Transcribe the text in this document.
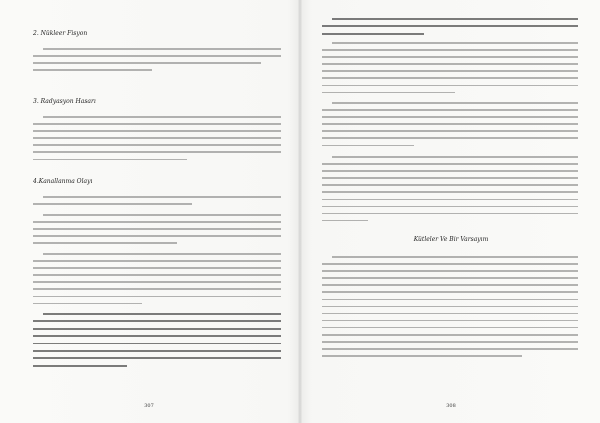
2. Nükleer Fisyon
3. Radyasyon Hasarı
4.Kanallanma Olayı
307
Kütleler Ve Bir Varsayım
308
